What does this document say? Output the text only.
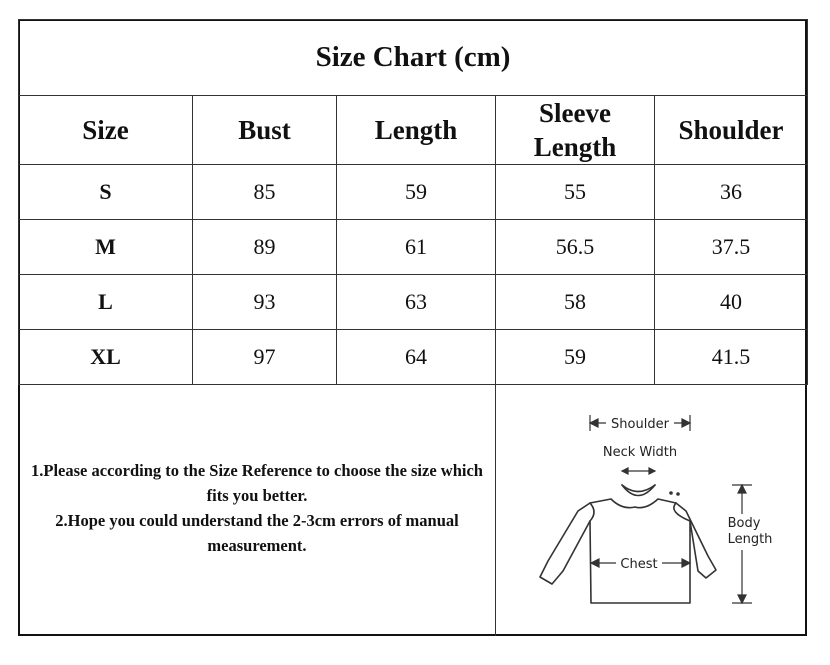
Size Chart (cm)				
Size	Bust	Length	Sleeve Length	Shoulder
S	85	59	55	36
M	89	61	56.5	37.5
L	93	63	58	40
XL	97	64	59	41.5

1.Please according to the Size Reference to choose the size which fits you better.

2.Hope you could understand the 2-3cm errors of manual measurement.

Shoulder
Neck Width
Chest
Body
Length
